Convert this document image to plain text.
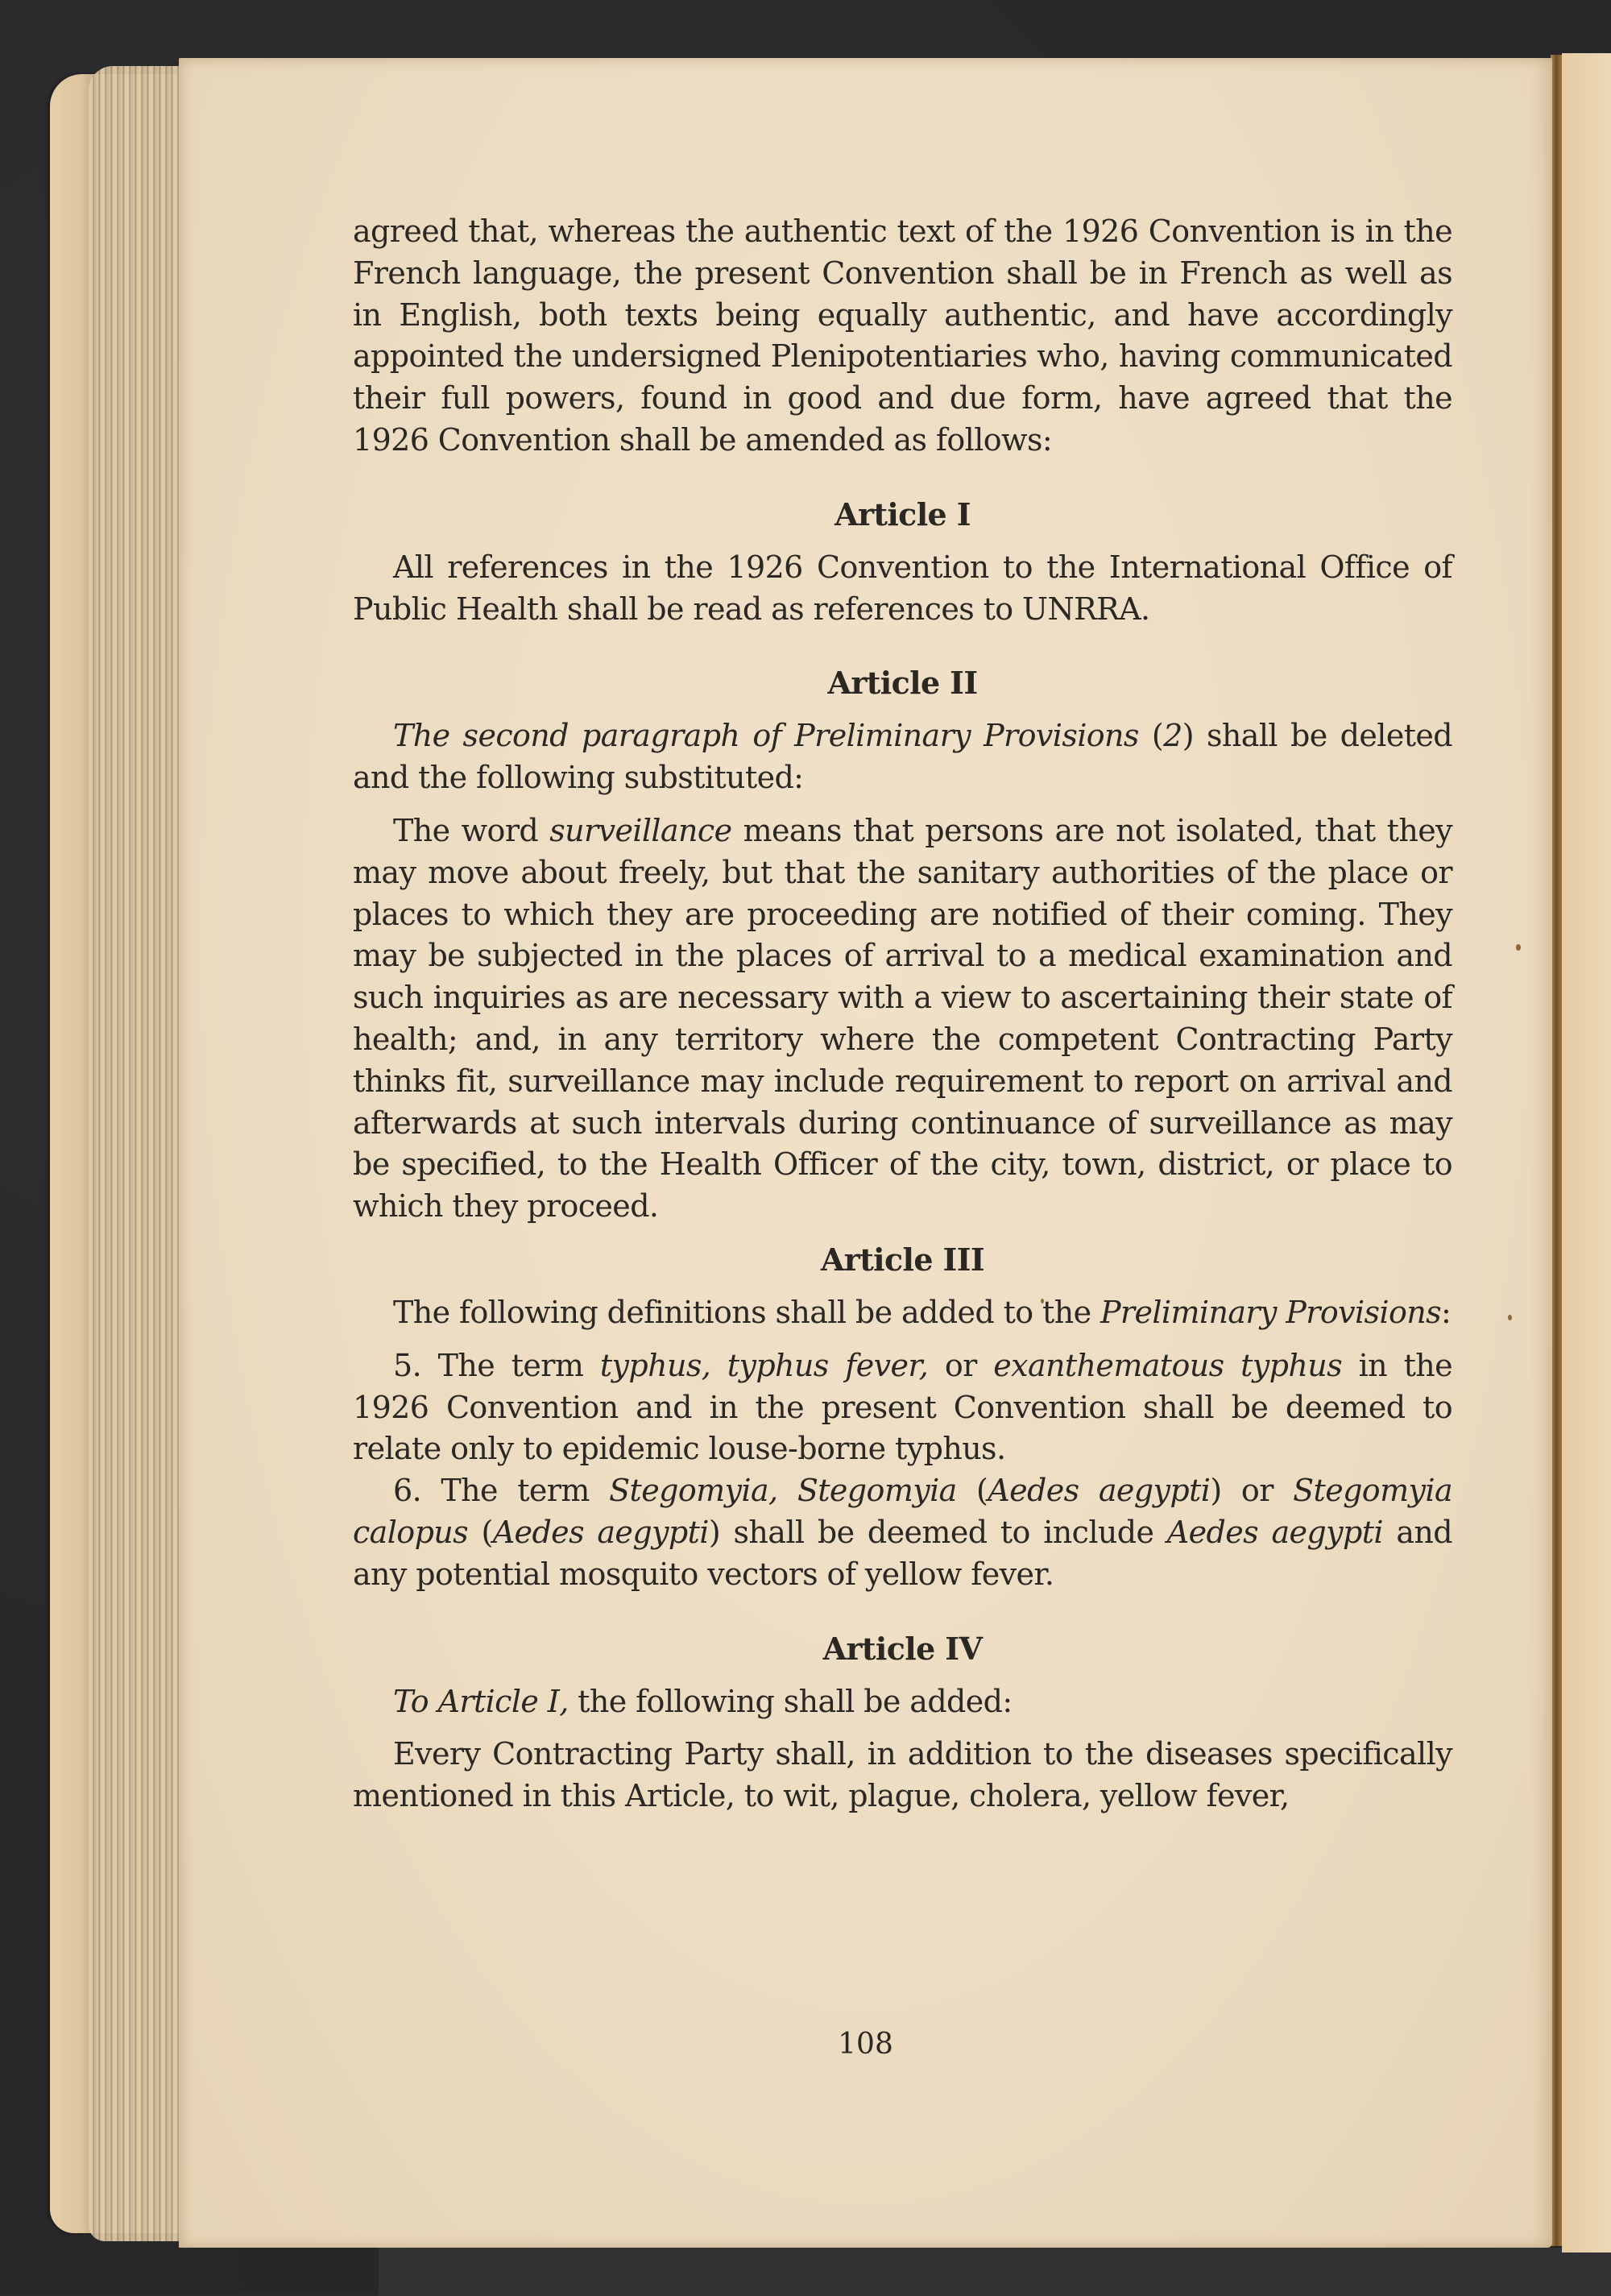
108

agreed that, whereas the authentic text of the 1926 Convention is in the French language, the present Convention shall be in French as well as in English, both texts being equally authentic, and have accordingly appointed the undersigned Plenipotentiaries who, having communicated their full powers, found in good and due form, have agreed that the 1926 Convention shall be amended as follows:

Article I

All references in the 1926 Convention to the International Office of Public Health shall be read as references to UNRRA.

Article II

The second paragraph of Preliminary Provisions (2) shall be deleted and the following substituted:

The word surveillance means that persons are not isolated, that they may move about freely, but that the sanitary authorities of the place or places to which they are proceeding are notified of their coming. They may be subjected in the places of arrival to a medical examination and such inquiries as are necessary with a view to ascertaining their state of health; and, in any territory where the competent Contracting Party thinks fit, surveillance may include requirement to report on arrival and afterwards at such intervals during continuance of surveillance as may be specified, to the Health Officer of the city, town, district, or place to which they proceed.

Article III

The following definitions shall be added to the Preliminary Provisions:

5. The term typhus, typhus fever, or exanthematous typhus in the 1926 Convention and in the present Convention shall be deemed to relate only to epidemic louse-borne typhus.

6. The term Stegomyia, Stegomyia (Aedes aegypti) or Stegomyia calopus (Aedes aegypti) shall be deemed to include Aedes aegypti and any potential mosquito vectors of yellow fever.

Article IV

To Article I, the following shall be added:

Every Contracting Party shall, in addition to the diseases specifically mentioned in this Article, to wit, plague, cholera, yellow fever,
